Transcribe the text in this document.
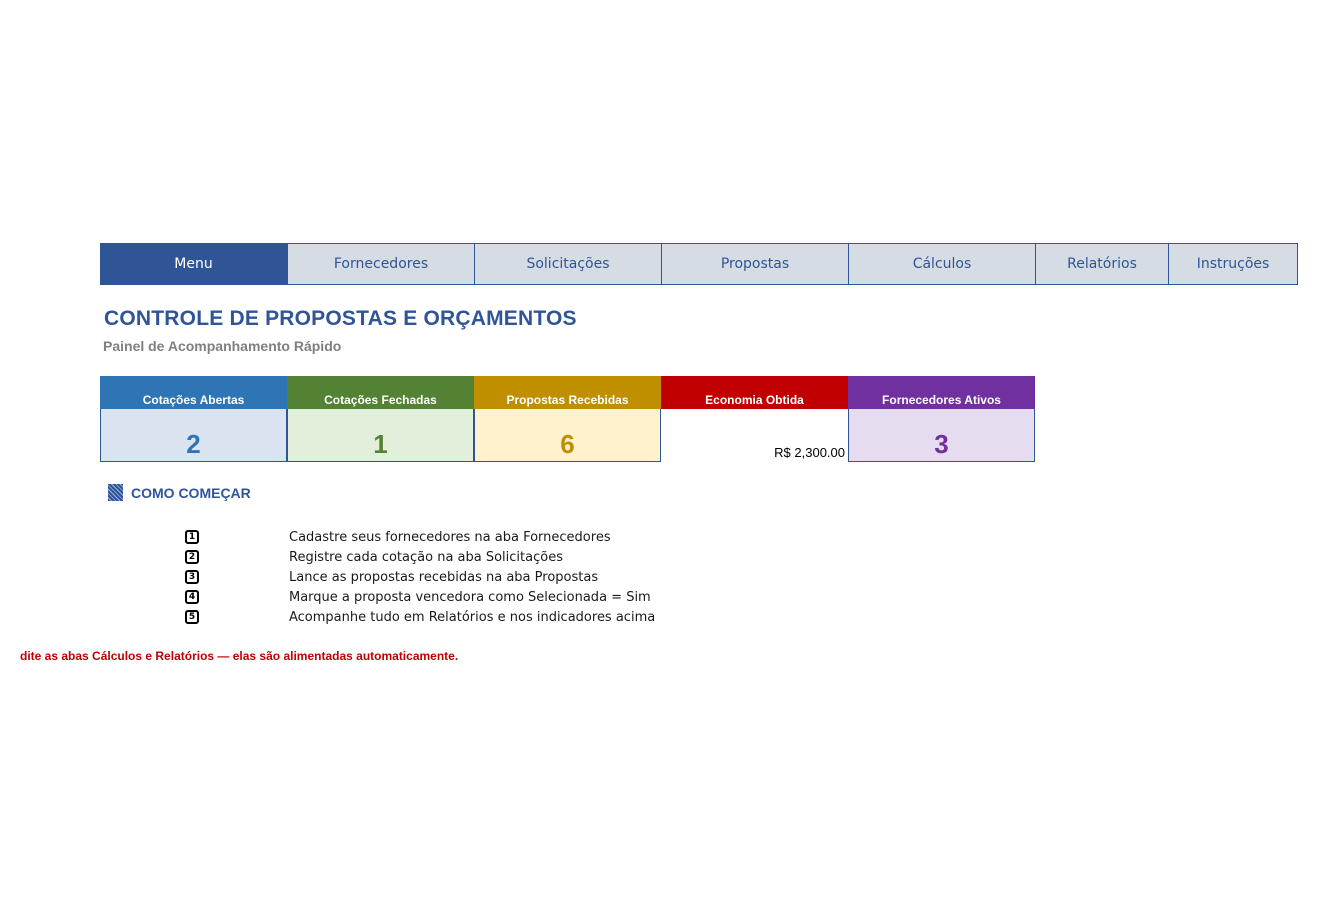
Menu	Fornecedores	Solicitações	Propostas	Cálculos	Relatórios	Instruções
CONTROLE DE PROPOSTAS E ORÇAMENTOS
Painel de Acompanhamento Rápido
Cotações Abertas
2
Cotações Fechadas
1
Propostas Recebidas
6
Economia Obtida
R$ 2,300.00
Fornecedores Ativos
3
COMO COMEÇAR
1	Cadastre seus fornecedores na aba Fornecedores
2	Registre cada cotação na aba Solicitações
3	Lance as propostas recebidas na aba Propostas
4	Marque a proposta vencedora como Selecionada = Sim
5	Acompanhe tudo em Relatórios e nos indicadores acima
dite as abas Cálculos e Relatórios — elas são alimentadas automaticamente.
